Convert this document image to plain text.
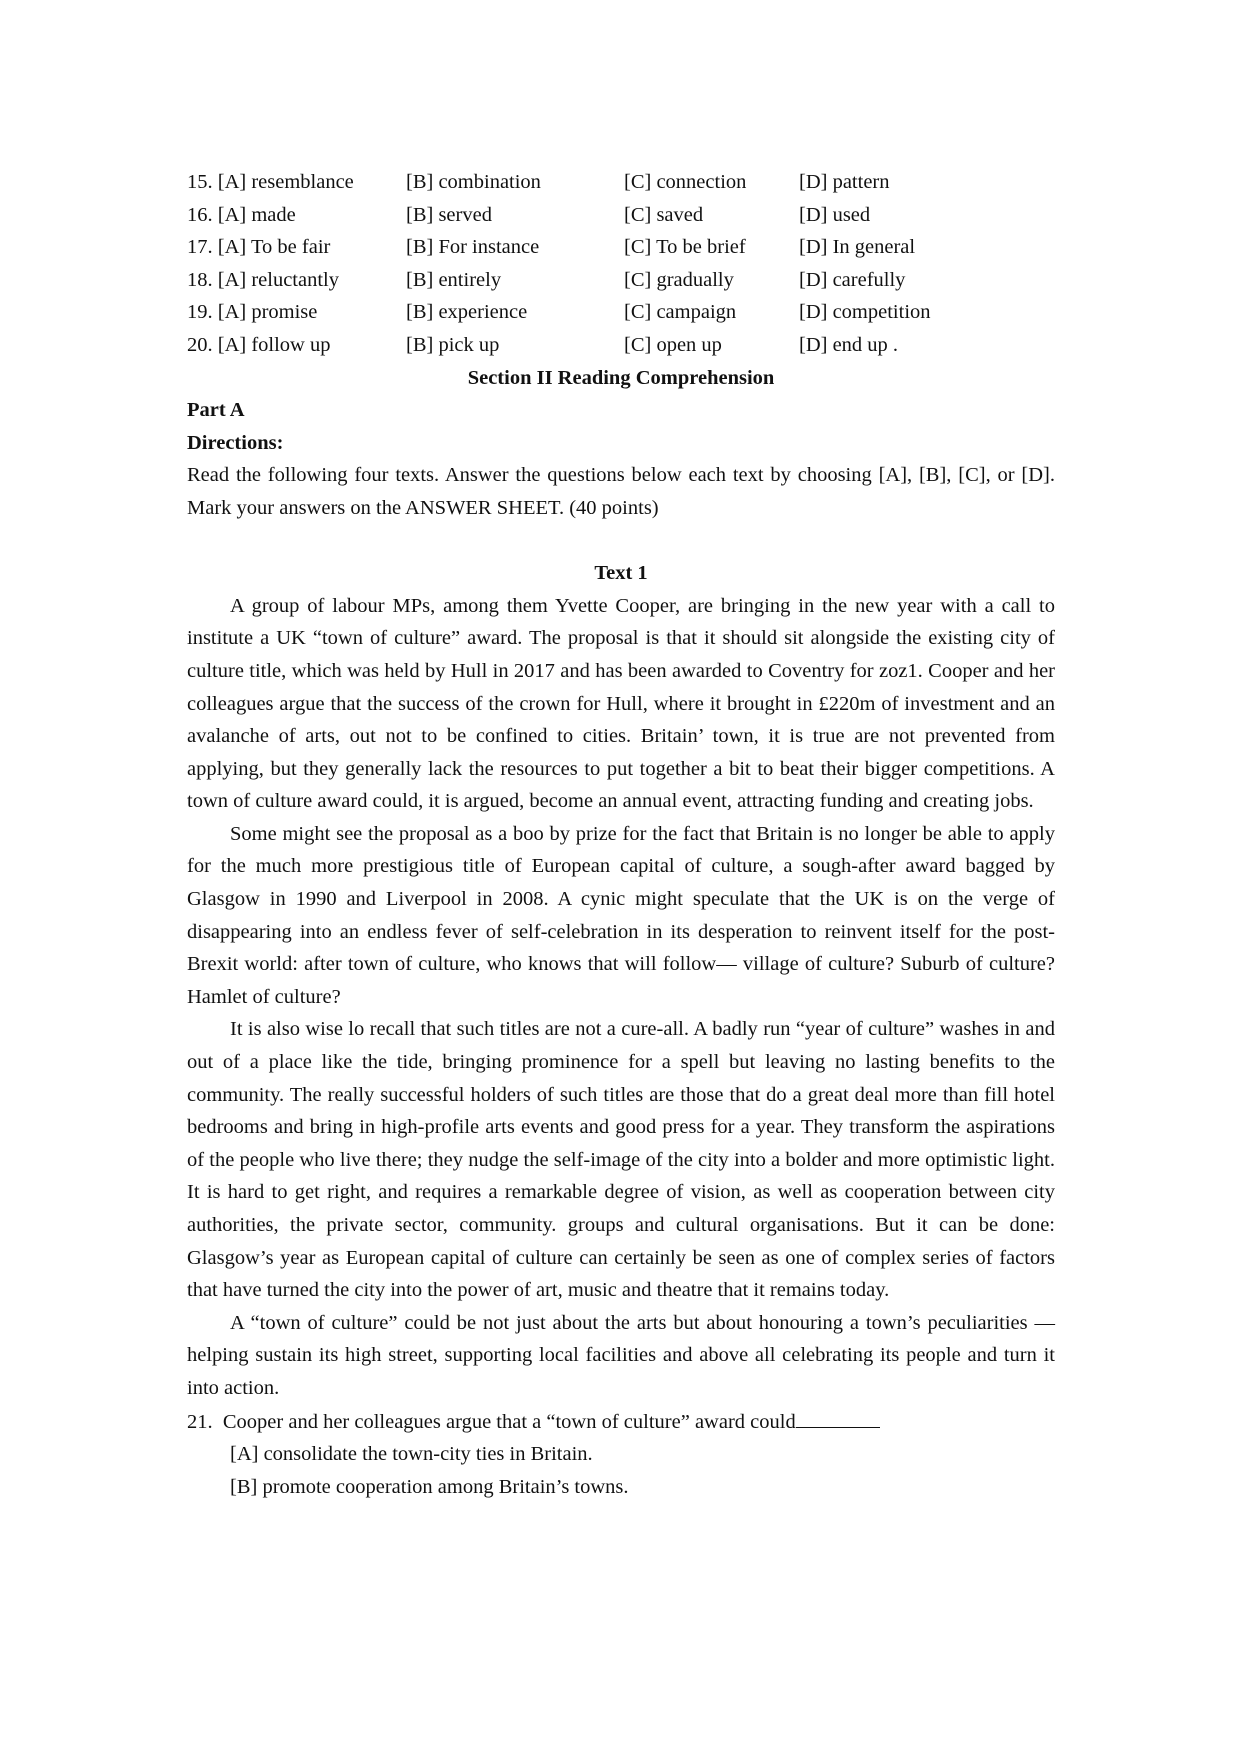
15. [A] resemblance	[B] combination	[C] connection	[D] pattern
16. [A] made	[B] served	[C] saved	[D] used
17. [A] To be fair	[B] For instance	[C] To be brief	[D] In general
18. [A] reluctantly	[B] entirely	[C] gradually	[D] carefully
19. [A] promise	[B] experience	[C] campaign	[D] competition
20. [A] follow up	[B] pick up	[C] open up	[D] end up .
Section II Reading Comprehension
Part A
Directions:

Read the following four texts. Answer the questions below each text by choosing [A], [B], [C], or [D]. Mark your answers on the ANSWER SHEET. (40 points)

Text 1

A group of labour MPs, among them Yvette Cooper, are bringing in the new year with a call to institute a UK “town of culture” award. The proposal is that it should sit alongside the existing city of culture title, which was held by Hull in 2017 and has been awarded to Coventry for zoz1. Cooper and her colleagues argue that the success of the crown for Hull, where it brought in £220m of investment and an avalanche of arts, out not to be confined to cities. Britain’ town, it is true are not prevented from applying, but they generally lack the resources to put together a bit to beat their bigger competitions. A town of culture award could, it is argued, become an annual event, attracting funding and creating jobs.

Some might see the proposal as a boo by prize for the fact that Britain is no longer be able to apply for the much more prestigious title of European capital of culture, a sough-after award bagged by Glasgow in 1990 and Liverpool in 2008. A cynic might speculate that the UK is on the verge of disappearing into an endless fever of self-celebration in its desperation to reinvent itself for the post-Brexit world: after town of culture, who knows that will follow— village of culture? Suburb of culture? Hamlet of culture?

It is also wise lo recall that such titles are not a cure-all. A badly run “year of culture” washes in and out of a place like the tide, bringing prominence for a spell but leaving no lasting benefits to the community. The really successful holders of such titles are those that do a great deal more than fill hotel bedrooms and bring in high-profile arts events and good press for a year. They transform the aspirations of the people who live there; they nudge the self-image of the city into a bolder and more optimistic light. It is hard to get right, and requires a remarkable degree of vision, as well as cooperation between city authorities, the private sector, community. groups and cultural organisations. But it can be done: Glasgow’s year as European capital of culture can certainly be seen as one of complex series of factors that have turned the city into the power of art, music and theatre that it remains today.

A “town of culture” could be not just about the arts but about honouring a town’s peculiarities —helping sustain its high street, supporting local facilities and above all celebrating its people and turn it into action.

21. Cooper and her colleagues argue that a “town of culture” award could

[A] consolidate the town-city ties in Britain.

[B] promote cooperation among Britain’s towns.
